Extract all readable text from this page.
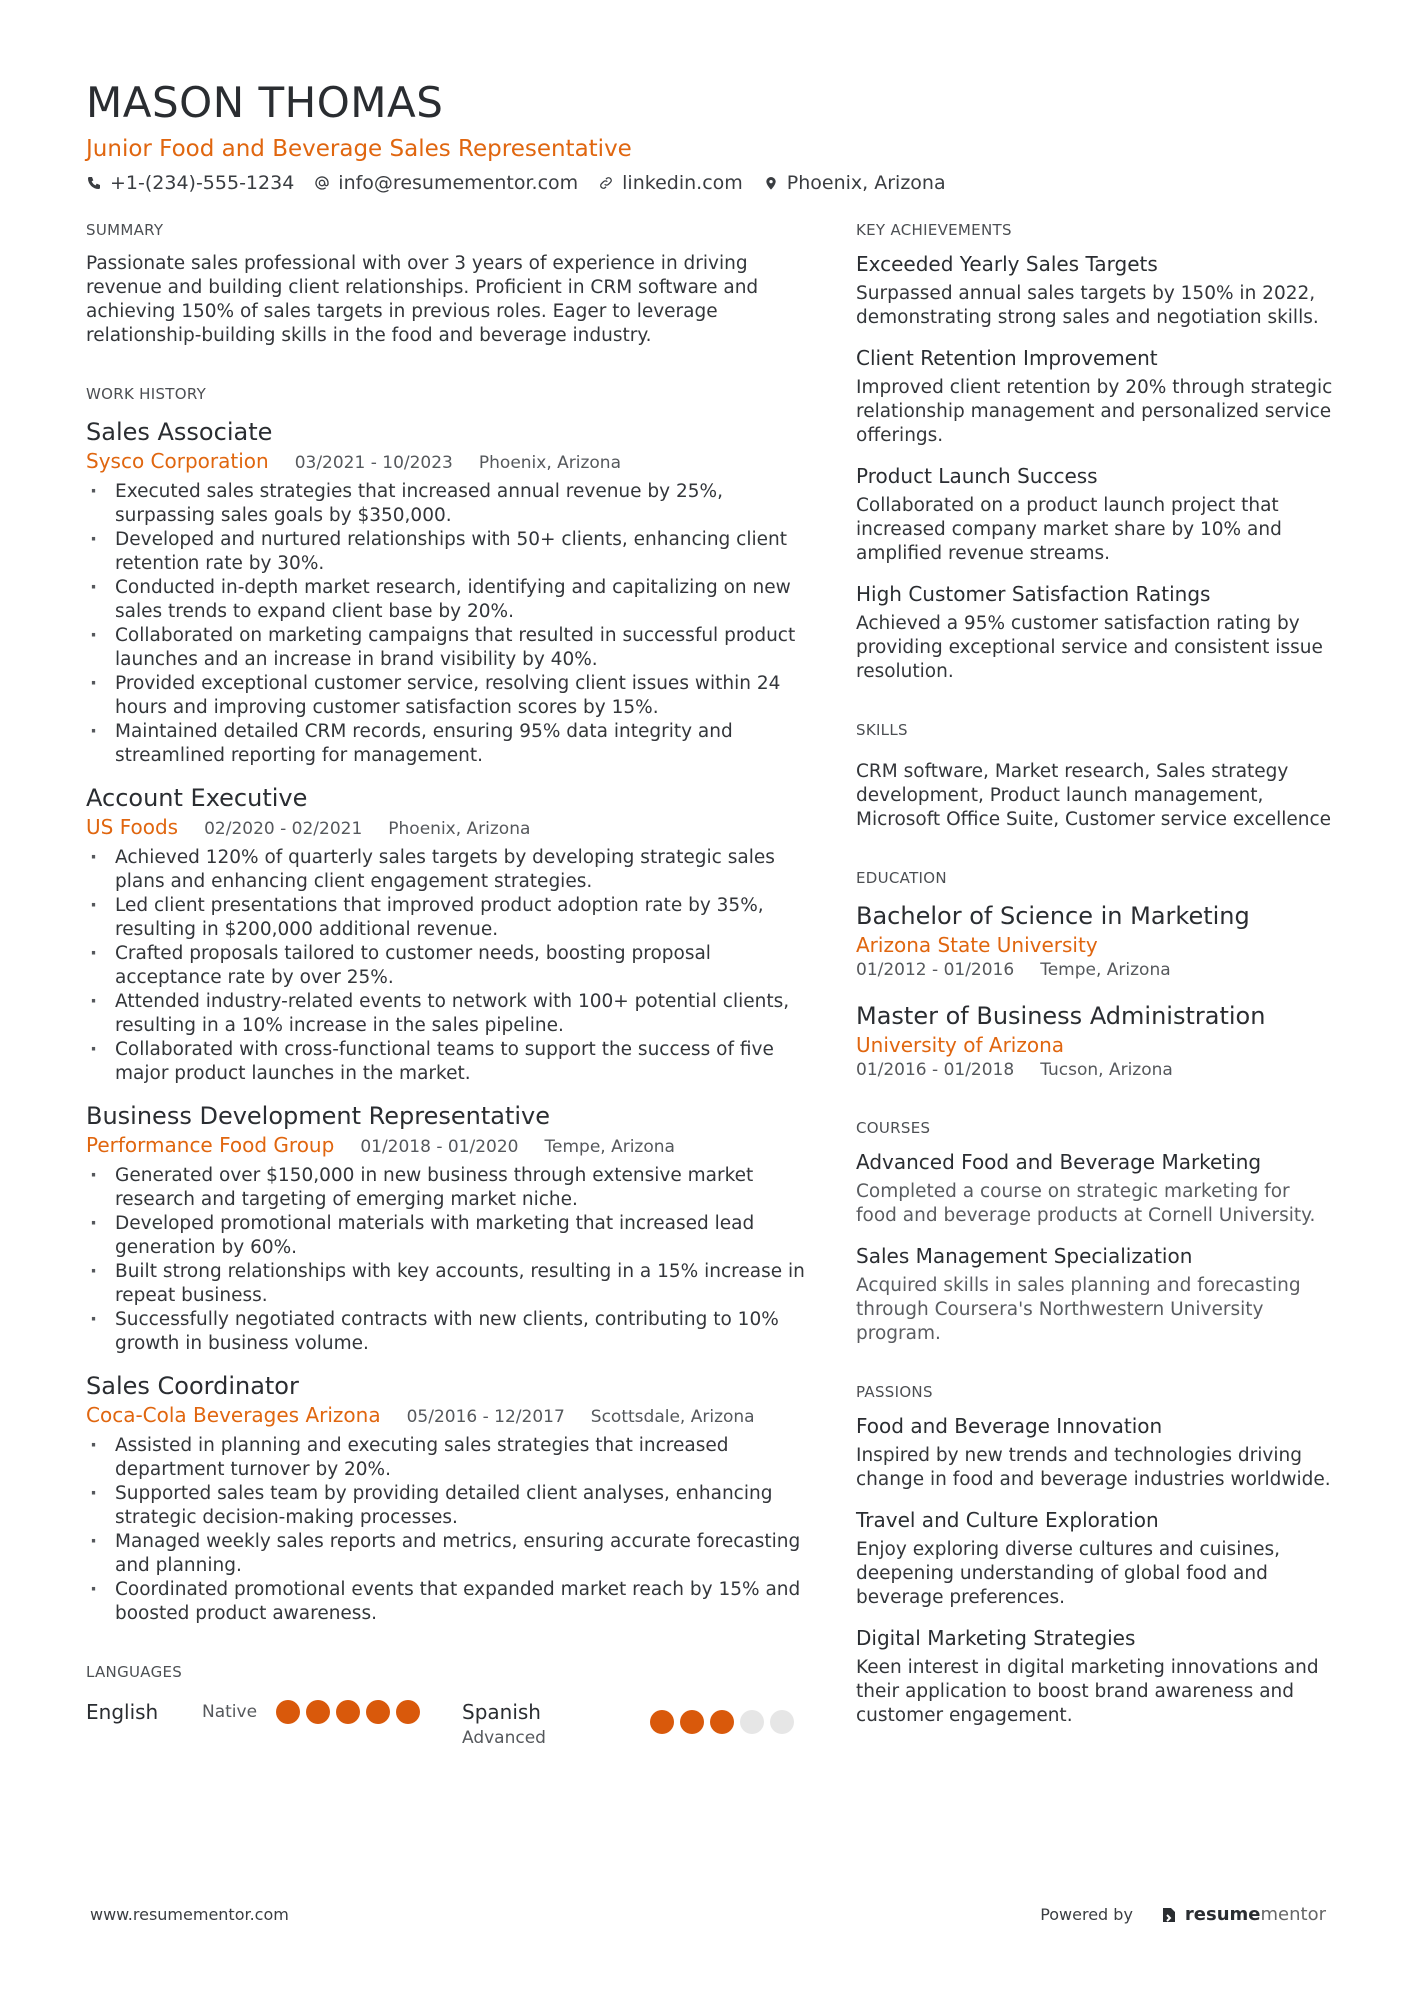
MASON THOMAS
Junior Food and Beverage Sales Representative
+1-(234)-555-1234 info@resumementor.com linkedin.com Phoenix, Arizona
SUMMARY

Passionate sales professional with over 3 years of experience in driving revenue and building client relationships. Proficient in CRM software and achieving 150% of sales targets in previous roles. Eager to leverage relationship-building skills in the food and beverage industry.

WORK HISTORY
Sales Associate
Sysco Corporation 03/2021 - 10/2023 Phoenix, Arizona
· Executed sales strategies that increased annual revenue by 25%, surpassing sales goals by $350,000.
· Developed and nurtured relationships with 50+ clients, enhancing client retention rate by 30%.
· Conducted in-depth market research, identifying and capitalizing on new sales trends to expand client base by 20%.
· Collaborated on marketing campaigns that resulted in successful product launches and an increase in brand visibility by 40%.
· Provided exceptional customer service, resolving client issues within 24 hours and improving customer satisfaction scores by 15%.
· Maintained detailed CRM records, ensuring 95% data integrity and streamlined reporting for management.
Account Executive
US Foods 02/2020 - 02/2021 Phoenix, Arizona
· Achieved 120% of quarterly sales targets by developing strategic sales plans and enhancing client engagement strategies.
· Led client presentations that improved product adoption rate by 35%, resulting in $200,000 additional revenue.
· Crafted proposals tailored to customer needs, boosting proposal acceptance rate by over 25%.
· Attended industry-related events to network with 100+ potential clients, resulting in a 10% increase in the sales pipeline.
· Collaborated with cross-functional teams to support the success of five major product launches in the market.
Business Development Representative
Performance Food Group 01/2018 - 01/2020 Tempe, Arizona
· Generated over $150,000 in new business through extensive market research and targeting of emerging market niche.
· Developed promotional materials with marketing that increased lead generation by 60%.
· Built strong relationships with key accounts, resulting in a 15% increase in repeat business.
· Successfully negotiated contracts with new clients, contributing to 10% growth in business volume.
Sales Coordinator
Coca-Cola Beverages Arizona 05/2016 - 12/2017 Scottsdale, Arizona
· Assisted in planning and executing sales strategies that increased department turnover by 20%.
· Supported sales team by providing detailed client analyses, enhancing strategic decision-making processes.
· Managed weekly sales reports and metrics, ensuring accurate forecasting and planning.
· Coordinated promotional events that expanded market reach by 15% and boosted product awareness.
LANGUAGES
English	Native	Spanish
Advanced
KEY ACHIEVEMENTS
Exceeded Yearly Sales Targets
Surpassed annual sales targets by 150% in 2022, demonstrating strong sales and negotiation skills.
Client Retention Improvement
Improved client retention by 20% through strategic relationship management and personalized service offerings.
Product Launch Success
Collaborated on a product launch project that increased company market share by 10% and amplified revenue streams.
High Customer Satisfaction Ratings
Achieved a 95% customer satisfaction rating by providing exceptional service and consistent issue resolution.
SKILLS

CRM software, Market research, Sales strategy development, Product launch management, Microsoft Office Suite, Customer service excellence

EDUCATION
Bachelor of Science in Marketing
Arizona State University
01/2012 - 01/2016 Tempe, Arizona
Master of Business Administration
University of Arizona
01/2016 - 01/2018 Tucson, Arizona
COURSES
Advanced Food and Beverage Marketing
Completed a course on strategic marketing for food and beverage products at Cornell University.
Sales Management Specialization
Acquired skills in sales planning and forecasting through Coursera's Northwestern University program.
PASSIONS
Food and Beverage Innovation
Inspired by new trends and technologies driving change in food and beverage industries worldwide.
Travel and Culture Exploration
Enjoy exploring diverse cultures and cuisines, deepening understanding of global food and beverage preferences.
Digital Marketing Strategies
Keen interest in digital marketing innovations and their application to boost brand awareness and customer engagement.
www.resumementor.com	Powered by	resumementor
